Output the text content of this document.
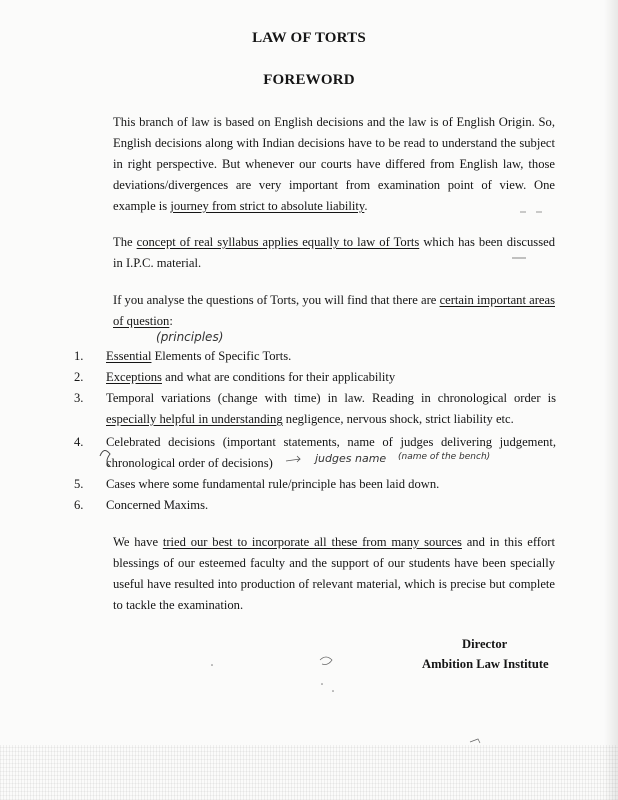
LAW OF TORTS
FOREWORD
This branch of law is based on English decisions and the law is of English Origin. So, English decisions along with Indian decisions have to be read to understand the subject in right perspective. But whenever our courts have differed from English law, those deviations/divergences are very important from examination point of view. One example is journey from strict to absolute liability.
The concept of real syllabus applies equally to law of Torts which has been discussed in I.P.C. material.
If you analyse the questions of Torts, you will find that there are certain important areas of question:
( principles )
1.	Essential Elements of Specific Torts.
2.	Exceptions and what are conditions for their applicability
3.	Temporal variations (change with time) in law. Reading in chronological order is especially helpful in understanding negligence, nervous shock, strict liability etc.
4.	Celebrated decisions (important statements, name of judges delivering judgement, chronological order of decisions)
5.	Cases where some fundamental rule/principle has been laid down.
6.	Concerned Maxims.
judges name (name of the bench)
We have tried our best to incorporate all these from many sources and in this effort blessings of our esteemed faculty and the support of our students have been specially useful have resulted into production of relevant material, which is precise but complete to tackle the examination.
Director
Ambition Law Institute
